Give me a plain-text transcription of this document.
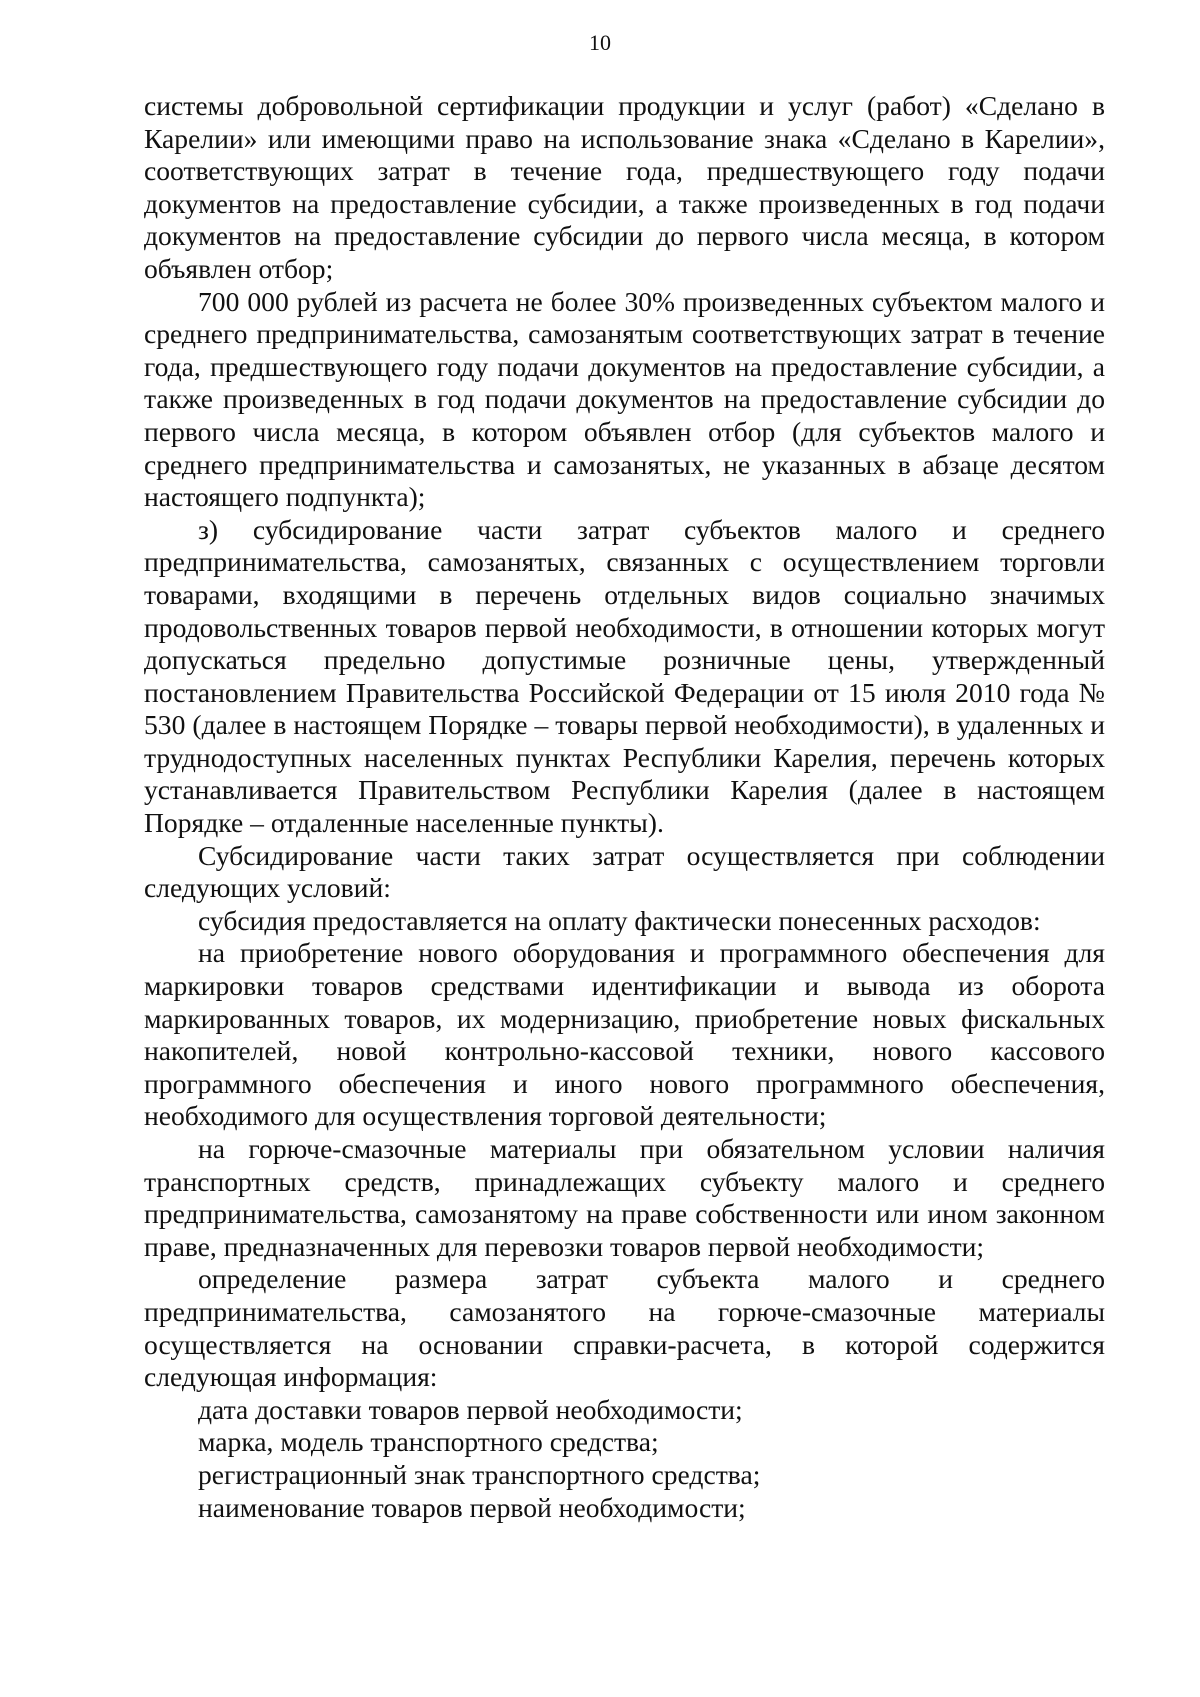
10

системы добровольной сертификации продукции и услуг (работ) «Сделано в Карелии» или имеющими право на использование знака «Сделано в Карелии», соответствующих затрат в течение года, предшествующего году подачи документов на предоставление субсидии, а также произведенных в год подачи документов на предоставление субсидии до первого числа месяца, в котором объявлен отбор;

700 000 рублей из расчета не более 30% произведенных субъектом малого и среднего предпринимательства, самозанятым соответствующих затрат в течение года, предшествующего году подачи документов на предоставление субсидии, а также произведенных в год подачи документов на предоставление субсидии до первого числа месяца, в котором объявлен отбор (для субъектов малого и среднего предпринимательства и самозанятых, не указанных в абзаце десятом настоящего подпункта);

з) субсидирование части затрат субъектов малого и среднего предпринимательства, самозанятых, связанных с осуществлением торговли товарами, входящими в перечень отдельных видов социально значимых продовольственных товаров первой необходимости, в отношении которых могут допускаться предельно допустимые розничные цены, утвержденный постановлением Правительства Российской Федерации от 15 июля 2010 года № 530 (далее в настоящем Порядке – товары первой необходимости), в удаленных и труднодоступных населенных пунктах Республики Карелия, перечень которых устанавливается Правительством Республики Карелия (далее в настоящем Порядке – отдаленные населенные пункты).

Субсидирование части таких затрат осуществляется при соблюдении следующих условий:

субсидия предоставляется на оплату фактически понесенных расходов:

на приобретение нового оборудования и программного обеспечения для маркировки товаров средствами идентификации и вывода из оборота маркированных товаров, их модернизацию, приобретение новых фискальных накопителей, новой контрольно-кассовой техники, нового кассового программного обеспечения и иного нового программного обеспечения, необходимого для осуществления торговой деятельности;

на горюче-смазочные материалы при обязательном условии наличия транспортных средств, принадлежащих субъекту малого и среднего предпринимательства, самозанятому на праве собственности или ином законном праве, предназначенных для перевозки товаров первой необходимости;

определение размера затрат субъекта малого и среднего предпринимательства, самозанятого на горюче-смазочные материалы осуществляется на основании справки-расчета, в которой содержится следующая информация:

дата доставки товаров первой необходимости;

марка, модель транспортного средства;

регистрационный знак транспортного средства;

наименование товаров первой необходимости;
